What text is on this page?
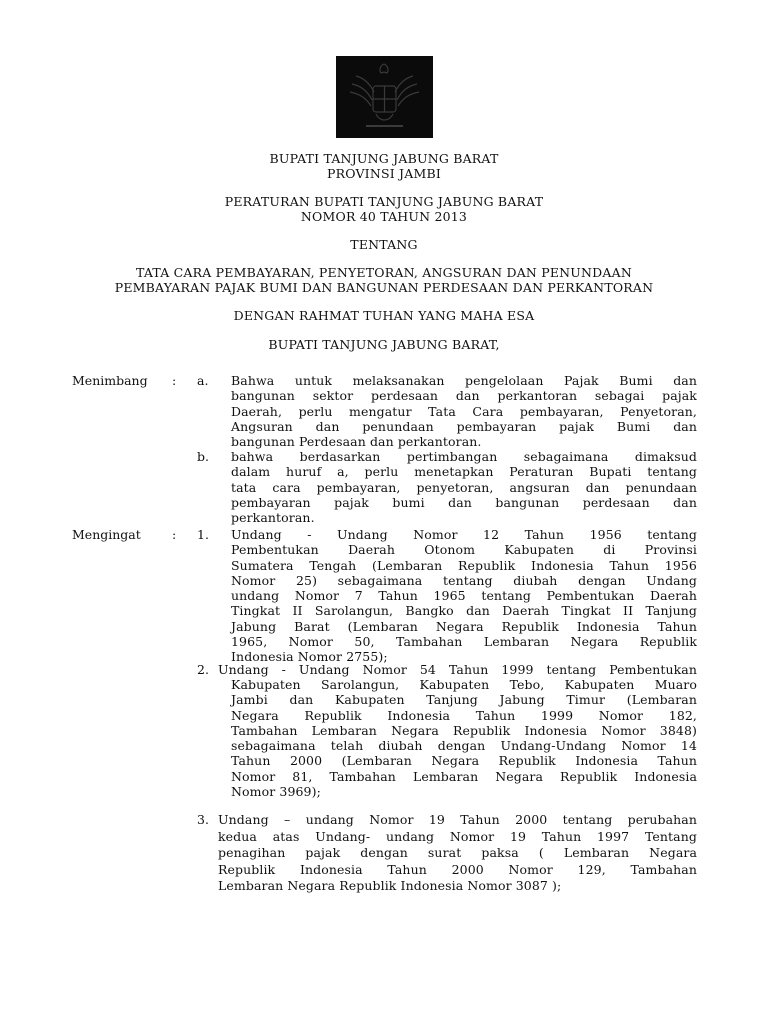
BUPATI TANJUNG JABUNG BARAT
PROVINSI JAMBI
PERATURAN BUPATI TANJUNG JABUNG BARAT
NOMOR 40 TAHUN 2013
TENTANG
TATA CARA PEMBAYARAN, PENYETORAN, ANGSURAN DAN PENUNDAAN
PEMBAYARAN PAJAK BUMI DAN BANGUNAN PERDESAAN DAN PERKANTORAN
DENGAN RAHMAT TUHAN YANG MAHA ESA
BUPATI TANJUNG JABUNG BARAT,
Menimbang : a. Bahwa untuk melaksanakan pengelolaan Pajak Bumi dan
bangunan sektor perdesaan dan perkantoran sebagai pajak
Daerah, perlu mengatur Tata Cara pembayaran, Penyetoran,
Angsuran dan penundaan pembayaran pajak Bumi dan
bangunan Perdesaan dan perkantoran.
b. bahwa berdasarkan pertimbangan sebagaimana dimaksud
dalam huruf a, perlu menetapkan Peraturan Bupati tentang
tata cara pembayaran, penyetoran, angsuran dan penundaan
pembayaran pajak bumi dan bangunan perdesaan dan
perkantoran.
Mengingat : 1. Undang - Undang Nomor 12 Tahun 1956 tentang
Pembentukan Daerah Otonom Kabupaten di Provinsi
Sumatera Tengah (Lembaran Republik Indonesia Tahun 1956
Nomor 25) sebagaimana tentang diubah dengan Undang
undang Nomor 7 Tahun 1965 tentang Pembentukan Daerah
Tingkat II Sarolangun, Bangko dan Daerah Tingkat II Tanjung
Jabung Barat (Lembaran Negara Republik Indonesia Tahun
1965, Nomor 50, Tambahan Lembaran Negara Republik
Indonesia Nomor 2755);
2. Undang - Undang Nomor 54 Tahun 1999 tentang Pembentukan
Kabupaten Sarolangun, Kabupaten Tebo, Kabupaten Muaro
Jambi dan Kabupaten Tanjung Jabung Timur (Lembaran
Negara Republik Indonesia Tahun 1999 Nomor 182,
Tambahan Lembaran Negara Republik Indonesia Nomor 3848)
sebagaimana telah diubah dengan Undang-Undang Nomor 14
Tahun 2000 (Lembaran Negara Republik Indonesia Tahun
Nomor 81, Tambahan Lembaran Negara Republik Indonesia
Nomor 3969);
3. Undang – undang Nomor 19 Tahun 2000 tentang perubahan
kedua atas Undang- undang Nomor 19 Tahun 1997 Tentang
penagihan pajak dengan surat paksa ( Lembaran Negara
Republik Indonesia Tahun 2000 Nomor 129, Tambahan
Lembaran Negara Republik Indonesia Nomor 3087 );
